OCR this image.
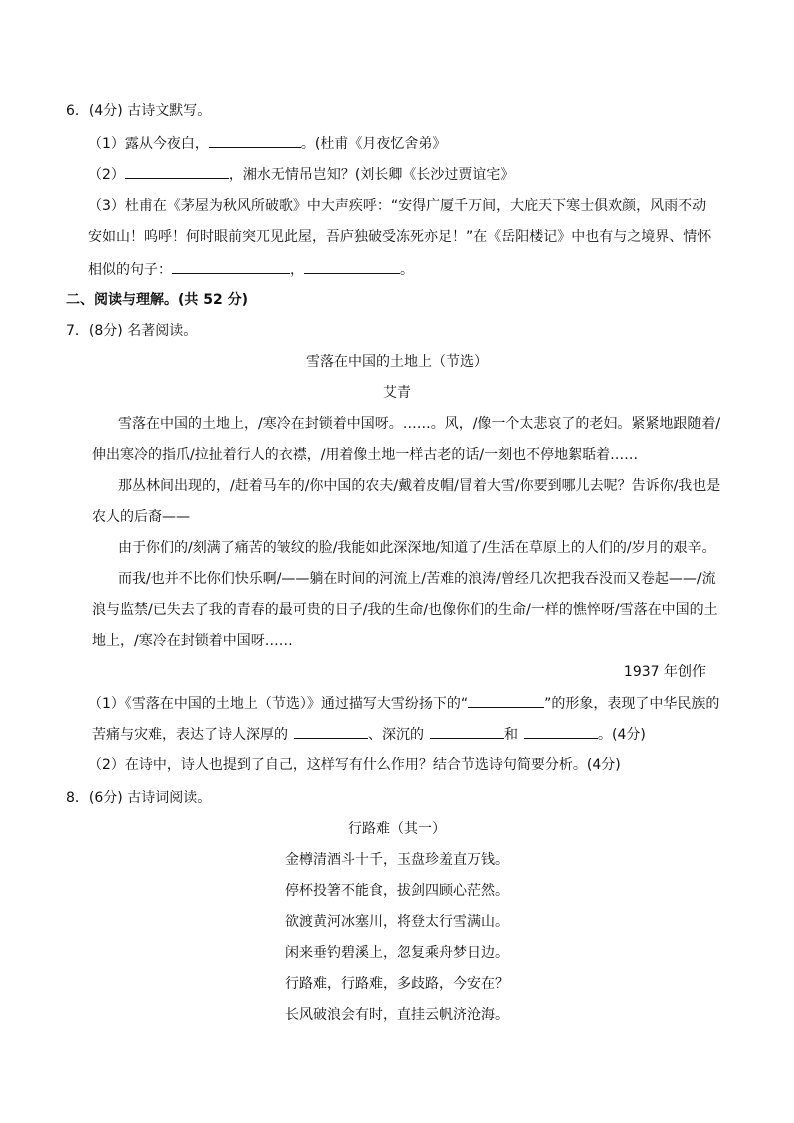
6．(4分) 古诗文默写。
（1）露从今夜白，	。(杜甫《月夜忆舍弟》
（2）	，湘水无情吊岂知？(刘长卿《长沙过贾谊宅》
（3）杜甫在《茅屋为秋风所破歌》中大声疾呼：“安得广厦千万间，大庇天下寒士俱欢颜，风雨不动
安如山！呜呼！何时眼前突兀见此屋，吾庐独破受冻死亦足！”在《岳阳楼记》中也有与之境界、情怀
相似的句子：	，	。
二、阅读与理解。(共 52 分)
7．(8分) 名著阅读。
雪落在中国的土地上（节选）
艾青
雪落在中国的土地上，/寒冷在封锁着中国呀。……。风，/像一个太悲哀了的老妇。紧紧地跟随着/
伸出寒冷的指爪/拉扯着行人的衣襟，/用着像土地一样古老的话/一刻也不停地絮聒着……
那丛林间出现的，/赶着马车的/你中国的农夫/戴着皮帽/冒着大雪/你要到哪儿去呢？告诉你/我也是
农人的后裔——
由于你们的/刻满了痛苦的皱纹的脸/我能如此深深地/知道了/生活在草原上的人们的/岁月的艰辛。
而我/也并不比你们快乐啊/——躺在时间的河流上/苦难的浪涛/曾经几次把我吞没而又卷起——/流
浪与监禁/已失去了我的青春的最可贵的日子/我的生命/也像你们的生命/一样的憔悴呀/雪落在中国的土
地上，/寒冷在封锁着中国呀……
1937 年创作
（1）《雪落在中国的土地上（节选）》通过描写大雪纷扬下的“	”的形象，表现了中华民族的
苦痛与灾难，表达了诗人深厚的	、深沉的	和	。(4分)
（2）在诗中，诗人也提到了自己，这样写有什么作用？结合节选诗句简要分析。(4分)
8．(6分) 古诗词阅读。
行路难（其一）
金樽清酒斗十千，玉盘珍羞直万钱。
停杯投箸不能食，拔剑四顾心茫然。
欲渡黄河冰塞川，将登太行雪满山。
闲来垂钓碧溪上，忽复乘舟梦日边。
行路难，行路难，多歧路，今安在？
长风破浪会有时，直挂云帆济沧海。
